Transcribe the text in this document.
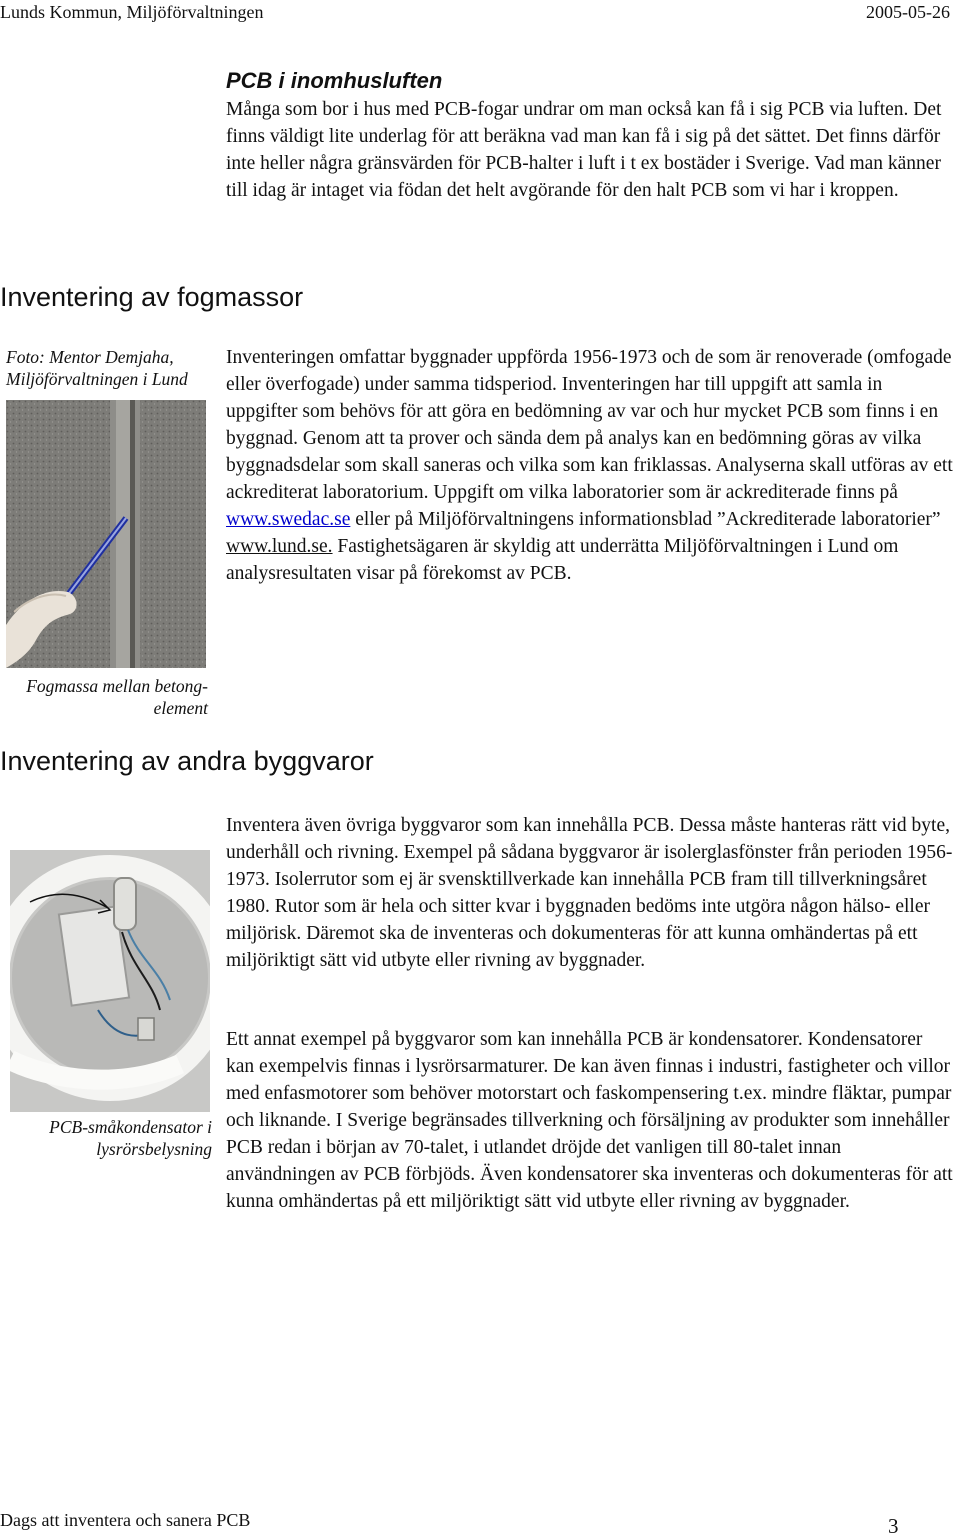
Lunds Kommun, Miljöförvaltningen	2005-05-26
PCB i inomhusluften
Många som bor i hus med PCB-fogar undrar om man också kan få i sig PCB via luften. Det finns väldigt lite underlag för att beräkna vad man kan få i sig på det sättet. Det finns därför inte heller några gränsvärden för PCB-halter i luft i t ex bostäder i Sverige. Vad man känner till idag är intaget via födan det helt avgörande för den halt PCB som vi har i kroppen.
Inventering av fogmassor
Foto: Mentor Demjaha, Miljöförvaltningen i Lund
Fogmassa mellan betong-element
Inventeringen omfattar byggnader uppförda 1956-1973 och de som är renoverade (omfogade eller överfogade) under samma tidsperiod. Inventeringen har till uppgift att samla in uppgifter som behövs för att göra en bedömning av var och hur mycket PCB som finns i en byggnad. Genom att ta prover och sända dem på analys kan en bedömning göras av vilka byggnadsdelar som skall saneras och vilka som kan friklassas. Analyserna skall utföras av ett ackrediterat laboratorium. Uppgift om vilka laboratorier som är ackrediterade finns på www.swedac.se eller på Miljöförvaltningens informationsblad ”Ackrediterade laboratorier” www.lund.se. Fastighetsägaren är skyldig att underrätta Miljöförvaltningen i Lund om analysresultaten visar på förekomst av PCB.
Inventering av andra byggvaror
PCB-småkondensator i lysrörsbelysning
Inventera även övriga byggvaror som kan innehålla PCB. Dessa måste hanteras rätt vid byte, underhåll och rivning. Exempel på sådana byggvaror är isolerglasfönster från perioden 1956-1973. Isolerrutor som ej är svensktillverkade kan innehålla PCB fram till tillverkningsåret 1980. Rutor som är hela och sitter kvar i byggnaden bedöms inte utgöra någon hälso- eller miljörisk. Däremot ska de inventeras och dokumenteras för att kunna omhändertas på ett miljöriktigt sätt vid utbyte eller rivning av byggnader.
Ett annat exempel på byggvaror som kan innehålla PCB är kondensatorer. Kondensatorer kan exempelvis finnas i lysrörsarmaturer. De kan även finnas i industri, fastigheter och villor med enfasmotorer som behöver motorstart och faskompensering t.ex. mindre fläktar, pumpar och liknande. I Sverige begränsades tillverkning och försäljning av produkter som innehåller PCB redan i början av 70-talet, i utlandet dröjde det vanligen till 80-talet innan användningen av PCB förbjöds. Även kondensatorer ska inventeras och dokumenteras för att kunna omhändertas på ett miljöriktigt sätt vid utbyte eller rivning av byggnader.
Dags att inventera och sanera PCB	3
